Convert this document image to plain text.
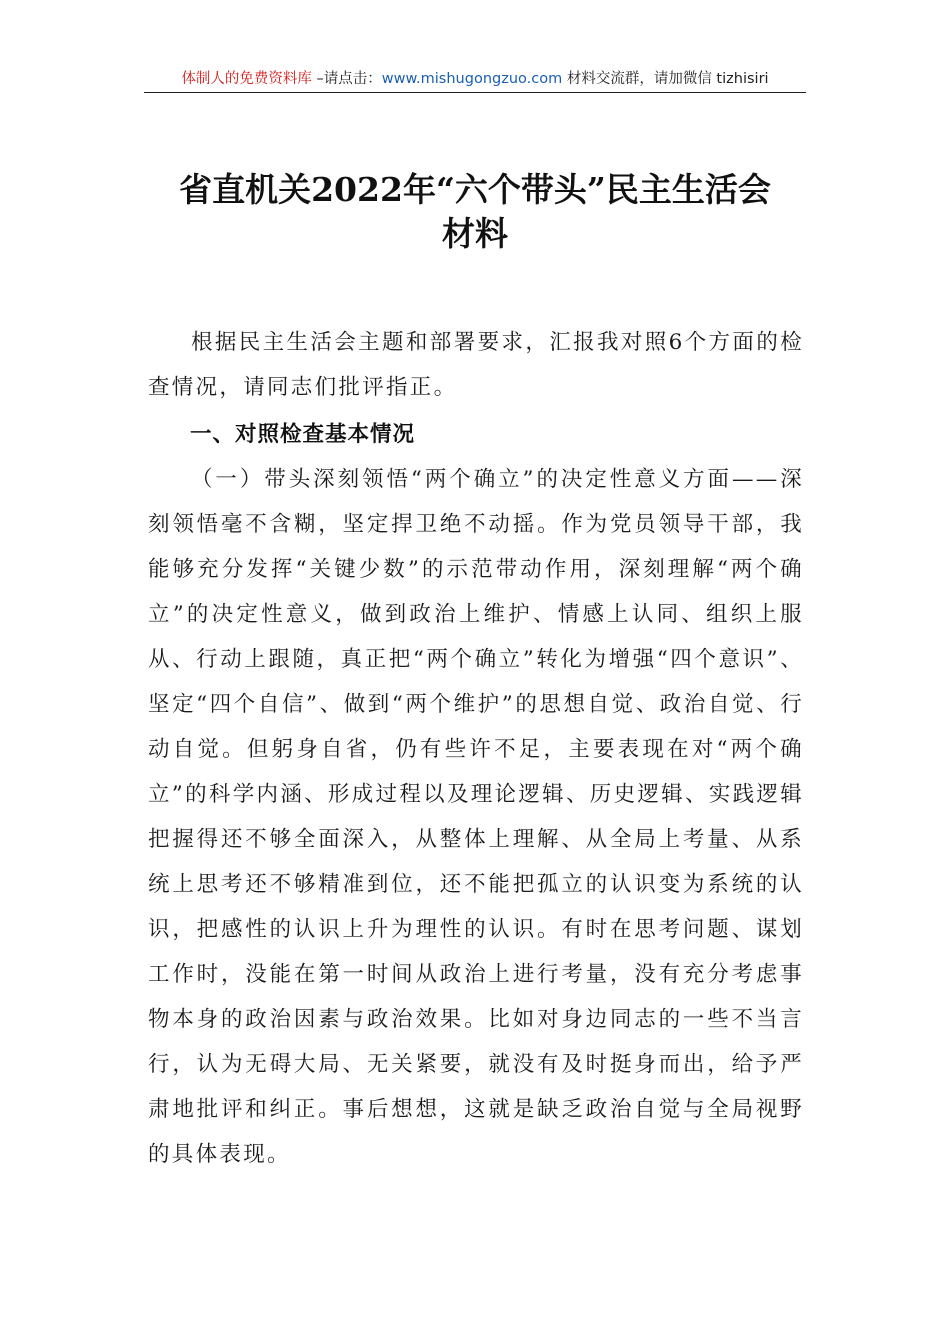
体制人的免费资料库 –请点击：www.mishugongzuo.com 材料交流群，请加微信 tizhisiri
省直机关2022年“六个带头”民主生活会
材料

根据民主生活会主题和部署要求，汇报我对照6个方面的检查情况，请同志们批评指正。

一、对照检查基本情况

（一）带头深刻领悟“两个确立”的决定性意义方面——深刻领悟毫不含糊，坚定捍卫绝不动摇。作为党员领导干部，我能够充分发挥“关键少数”的示范带动作用，深刻理解“两个确立”的决定性意义，做到政治上维护、情感上认同、组织上服从、行动上跟随，真正把“两个确立”转化为增强“四个意识”、坚定“四个自信”、做到“两个维护”的思想自觉、政治自觉、行动自觉。但躬身自省，仍有些许不足，主要表现在对“两个确立”的科学内涵、形成过程以及理论逻辑、历史逻辑、实践逻辑把握得还不够全面深入，从整体上理解、从全局上考量、从系统上思考还不够精准到位，还不能把孤立的认识变为系统的认识，把感性的认识上升为理性的认识。有时在思考问题、谋划工作时，没能在第一时间从政治上进行考量，没有充分考虑事物本身的政治因素与政治效果。比如对身边同志的一些不当言行，认为无碍大局、无关紧要，就没有及时挺身而出，给予严肃地批评和纠正。事后想想，这就是缺乏政治自觉与全局视野的具体表现。
